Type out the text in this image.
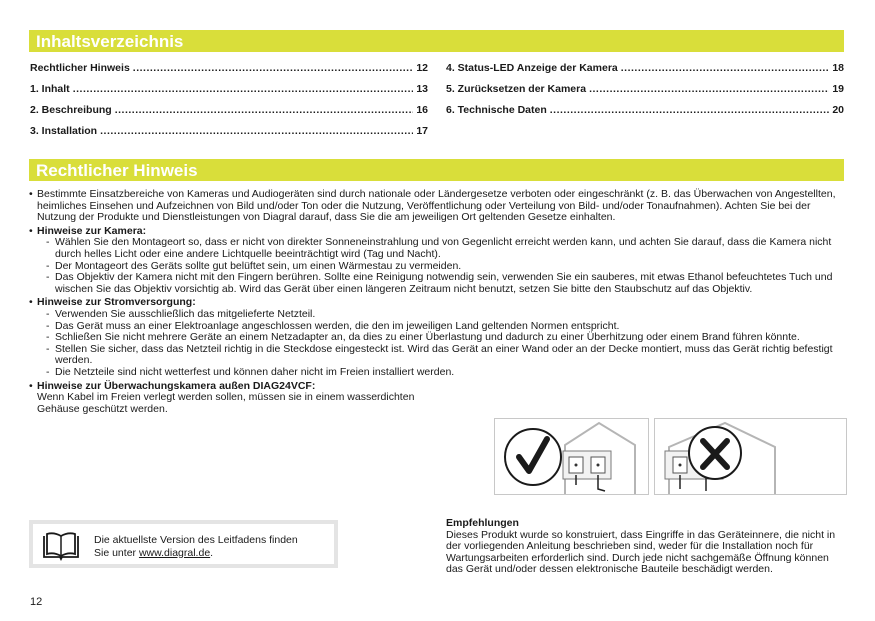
Inhaltsverzeichnis
Rechtlicher Hinweis .....	12
1. Inhalt .....	13
2. Beschreibung .....	16
3. Installation .....	17
4. Status-LED Anzeige der Kamera .....	18
5. Zurücksetzen der Kamera .....	19
6. Technische Daten .....	20
Rechtlicher Hinweis
• Bestimmte Einsatzbereiche von Kameras und Audiogeräten sind durch nationale oder Ländergesetze verboten oder eingeschränkt (z. B. das Überwachen von Angestellten, heimliches Einsehen und Aufzeichnen von Bild und/oder Ton oder die Nutzung, Veröffentlichung oder Verteilung von Bild- und/oder Tonaufnahmen). Achten Sie bei der Nutzung der Produkte und Dienstleistungen von Diagral darauf, dass Sie die am jeweiligen Ort geltenden Gesetze einhalten.
• Hinweise zur Kamera:
- Wählen Sie den Montageort so, dass er nicht von direkter Sonneneinstrahlung und von Gegenlicht erreicht werden kann, und achten Sie darauf, dass die Kamera nicht durch helles Licht oder eine andere Lichtquelle beeinträchtigt wird (Tag und Nacht).
- Der Montageort des Geräts sollte gut belüftet sein, um einen Wärmestau zu vermeiden.
- Das Objektiv der Kamera nicht mit den Fingern berühren. Sollte eine Reinigung notwendig sein, verwenden Sie ein sauberes, mit etwas Ethanol befeuchtetes Tuch und wischen Sie das Objektiv vorsichtig ab. Wird das Gerät über einen längeren Zeitraum nicht benutzt, setzen Sie bitte den Staubschutz auf das Objektiv.
• Hinweise zur Stromversorgung:
- Verwenden Sie ausschließlich das mitgelieferte Netzteil.
- Das Gerät muss an einer Elektroanlage angeschlossen werden, die den im jeweiligen Land geltenden Normen entspricht.
- Schließen Sie nicht mehrere Geräte an einem Netzadapter an, da dies zu einer Überlastung und dadurch zu einer Überhitzung oder einem Brand führen könnte.
- Stellen Sie sicher, dass das Netzteil richtig in die Steckdose eingesteckt ist. Wird das Gerät an einer Wand oder an der Decke montiert, muss das Gerät richtig befestigt werden.
- Die Netzteile sind nicht wetterfest und können daher nicht im Freien installiert werden.
• Hinweise zur Überwachungskamera außen DIAG24VCF:
Wenn Kabel im Freien verlegt werden sollen, müssen sie in einem wasserdichten Gehäuse geschützt werden.
Die aktuellste Version des Leitfadens finden
Sie unter www.diagral.de.
Empfehlungen
Dieses Produkt wurde so konstruiert, dass Eingriffe in das Geräteinnere, die nicht in der vorliegenden Anleitung beschrieben sind, weder für die Installation noch für Wartungsarbeiten erforderlich sind. Durch jede nicht sachgemäße Öffnung können das Gerät und/oder dessen elektronische Bauteile beschädigt werden.
12
